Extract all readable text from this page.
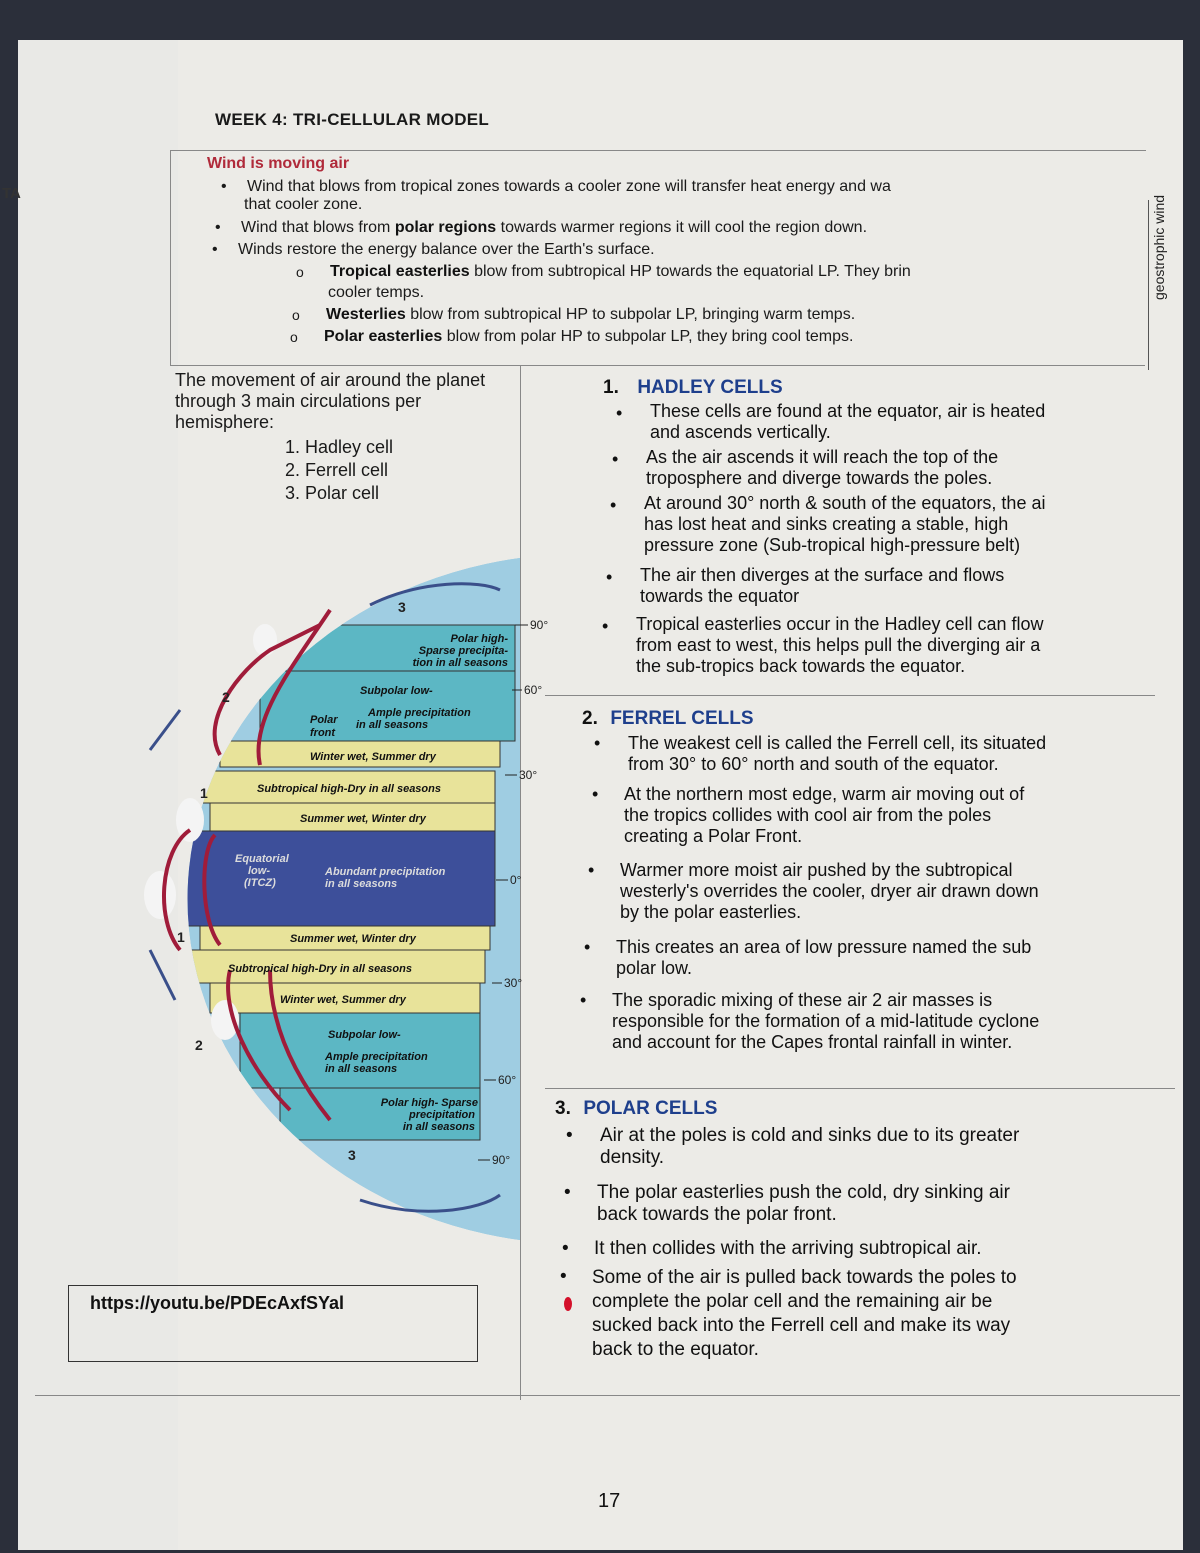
TA
geostrophic wind
WEEK 4: TRI-CELLULAR MODEL
Wind is moving air
• Wind that blows from tropical zones towards a cooler zone will transfer heat energy and wa
that cooler zone.
• Wind that blows from polar regions towards warmer regions it will cool the region down.
• Winds restore the energy balance over the Earth's surface.
o Tropical easterlies blow from subtropical HP towards the equatorial LP. They brin
cooler temps.
o Westerlies blow from subtropical HP to subpolar LP, bringing warm temps.
o Polar easterlies blow from polar HP to subpolar LP, they bring cool temps.
The movement of air around the planet
through 3 main circulations per
hemisphere:
1. Hadley cell
2. Ferrell cell
3. Polar cell
90°
60°
30°
0°
30°
60°
90°
Polar high-
Sparse precipita-
tion in all seasons
Subpolar low-
Ample precipitation
in all seasons
Polar
front
Winter wet, Summer dry
Subtropical high-Dry in all seasons
Summer wet, Winter dry
Equatorial
low-
(ITCZ)
Abundant precipitation
in all seasons
Summer wet, Winter dry
Subtropical high-Dry in all seasons
Winter wet, Summer dry
Subpolar low-
Ample precipitation
in all seasons
Polar high- Sparse
precipitation
in all seasons
3
2
1
1
2
3
https://youtu.be/PDEcAxfSYal
1. HADLEY CELLS
These cells are found at the equator, air is heated
and ascends vertically.
As the air ascends it will reach the top of the
troposphere and diverge towards the poles.
At around 30° north & south of the equators, the ai
has lost heat and sinks creating a stable, high
pressure zone (Sub-tropical high-pressure belt)
The air then diverges at the surface and flows
towards the equator
Tropical easterlies occur in the Hadley cell can flow
from east to west, this helps pull the diverging air a
the sub-tropics back towards the equator.
•
•
•
•
•
2. FERREL CELLS
The weakest cell is called the Ferrell cell, its situated
from 30° to 60° north and south of the equator.
At the northern most edge, warm air moving out of
the tropics collides with cool air from the poles
creating a Polar Front.
Warmer more moist air pushed by the subtropical
westerly's overrides the cooler, dryer air drawn down
by the polar easterlies.
This creates an area of low pressure named the sub
polar low.
The sporadic mixing of these air 2 air masses is
responsible for the formation of a mid-latitude cyclone
and account for the Capes frontal rainfall in winter.
•
•
•
•
•
3. POLAR CELLS
Air at the poles is cold and sinks due to its greater
density.
The polar easterlies push the cold, dry sinking air
back towards the polar front.
It then collides with the arriving subtropical air.
Some of the air is pulled back towards the poles to
complete the polar cell and the remaining air be
sucked back into the Ferrell cell and make its way
back to the equator.
•
•
•
•
17
